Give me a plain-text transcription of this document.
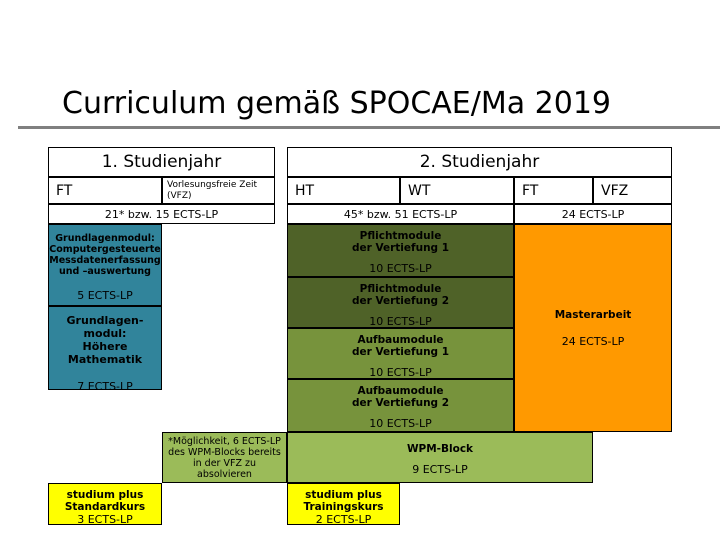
Curriculum gemäß SPOCAE/Ma 2019
1. Studienjahr
FT	Vorlesungsfreie Zeit (VFZ)
21* bzw. 15 ECTS-LP
2. Studienjahr
HT	WT	FT	VFZ
45* bzw. 51 ECTS-LP	24 ECTS-LP
Grundlagenmodul: Computergesteuerte Messdatenerfassung und –auswertung
5 ECTS-LP
Grundlagen-modul: Höhere Mathematik
7 ECTS-LP
Pflichtmodule der Vertiefung 1
10 ECTS-LP
Pflichtmodule der Vertiefung 2
10 ECTS-LP
Aufbaumodule der Vertiefung 1
10 ECTS-LP
Aufbaumodule der Vertiefung 2
10 ECTS-LP
Masterarbeit
24 ECTS-LP
*Möglichkeit, 6 ECTS-LP des WPM-Blocks bereits in der VFZ zu absolvieren
WPM-Block
9 ECTS-LP
studium plus Standardkurs
3 ECTS-LP
studium plus Trainingskurs
2 ECTS-LP
